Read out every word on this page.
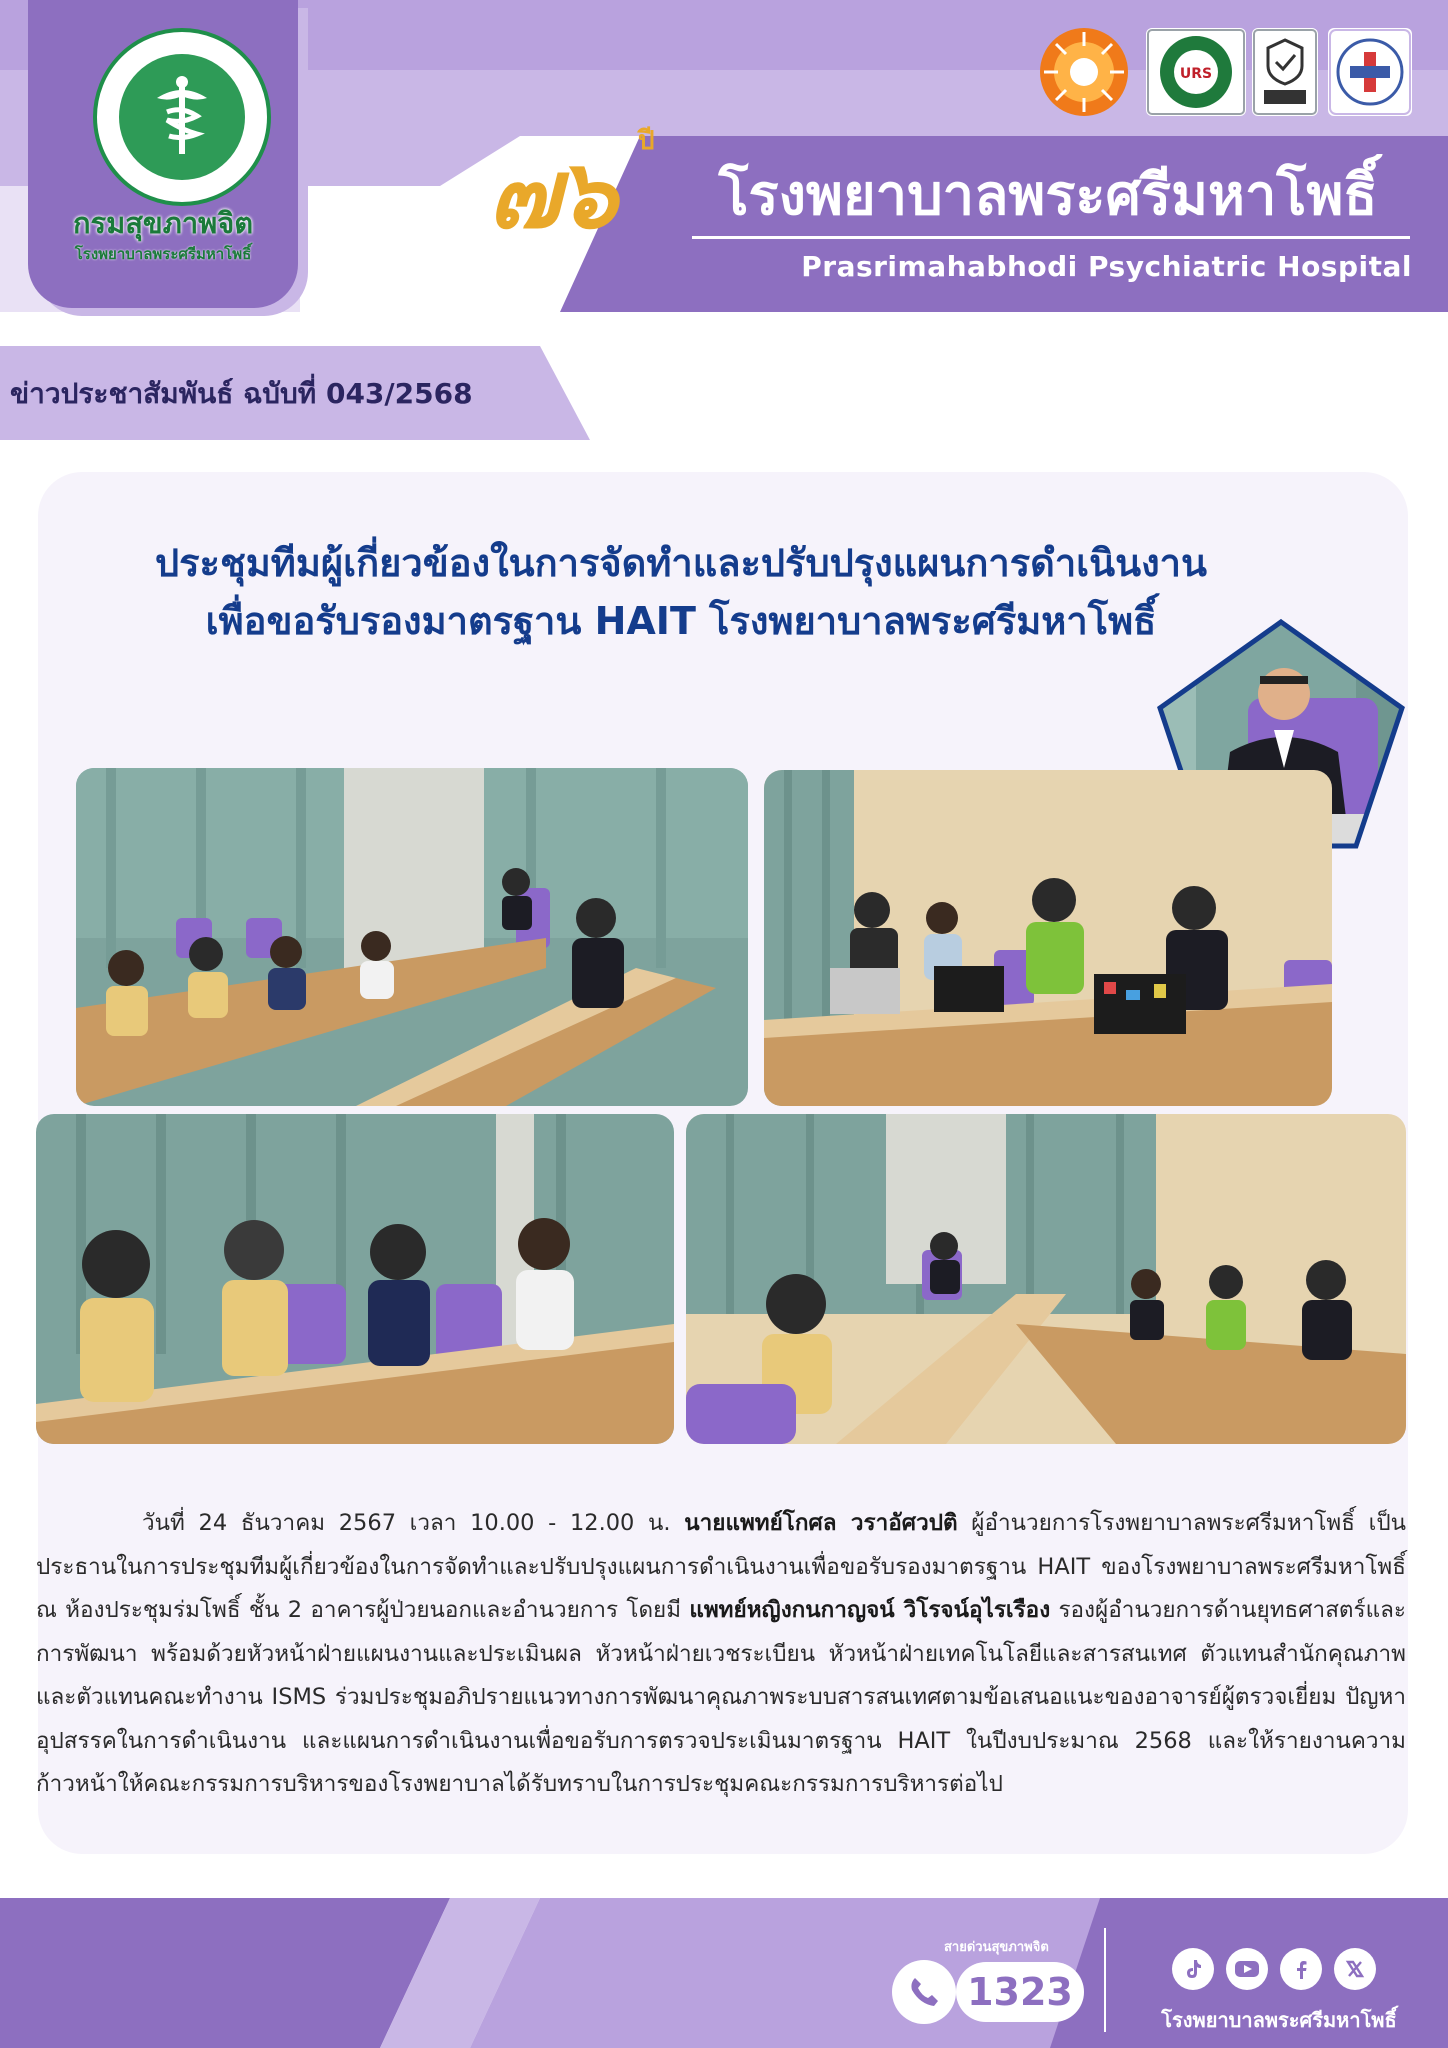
กรมสุขภาพจิต
โรงพยาบาลพระศรีมหาโพธิ์
URS
๗๖ ปี
โรงพยาบาลพระศรีมหาโพธิ์
Prasrimahabhodi Psychiatric Hospital
ข่าวประชาสัมพันธ์ ฉบับที่ 043/2568
ประชุมทีมผู้เกี่ยวข้องในการจัดทำและปรับปรุงแผนการดำเนินงาน
เพื่อขอรับรองมาตรฐาน HAIT โรงพยาบาลพระศรีมหาโพธิ์
วันที่ 24 ธันวาคม 2567 เวลา 10.00 - 12.00 น. นายแพทย์โกศล วราอัศวปติ ผู้อำนวยการโรงพยาบาลพระศรีมหาโพธิ์ เป็นประธานในการประชุมทีมผู้เกี่ยวข้องในการจัดทำและปรับปรุงแผนการดำเนินงานเพื่อขอรับรองมาตรฐาน HAIT ของโรงพยาบาลพระศรีมหาโพธิ์ ณ ห้องประชุมร่มโพธิ์ ชั้น 2 อาคารผู้ป่วยนอกและอำนวยการ โดยมี แพทย์หญิงกนกาญจน์ วิโรจน์อุไรเรือง รองผู้อำนวยการด้านยุทธศาสตร์และการพัฒนา พร้อมด้วยหัวหน้าฝ่ายแผนงานและประเมินผล หัวหน้าฝ่ายเวชระเบียน หัวหน้าฝ่ายเทคโนโลยีและสารสนเทศ ตัวแทนสำนักคุณภาพ และตัวแทนคณะทำงาน ISMS ร่วมประชุมอภิปรายแนวทางการพัฒนาคุณภาพระบบสารสนเทศตามข้อเสนอแนะของอาจารย์ผู้ตรวจเยี่ยม ปัญหา อุปสรรคในการดำเนินงาน และแผนการดำเนินงานเพื่อขอรับการตรวจประเมินมาตรฐาน HAIT ในปีงบประมาณ 2568 และให้รายงานความก้าวหน้าให้คณะกรรมการบริหารของโรงพยาบาลได้รับทราบในการประชุมคณะกรรมการบริหารต่อไป
สายด่วนสุขภาพจิต
1323
โรงพยาบาลพระศรีมหาโพธิ์
